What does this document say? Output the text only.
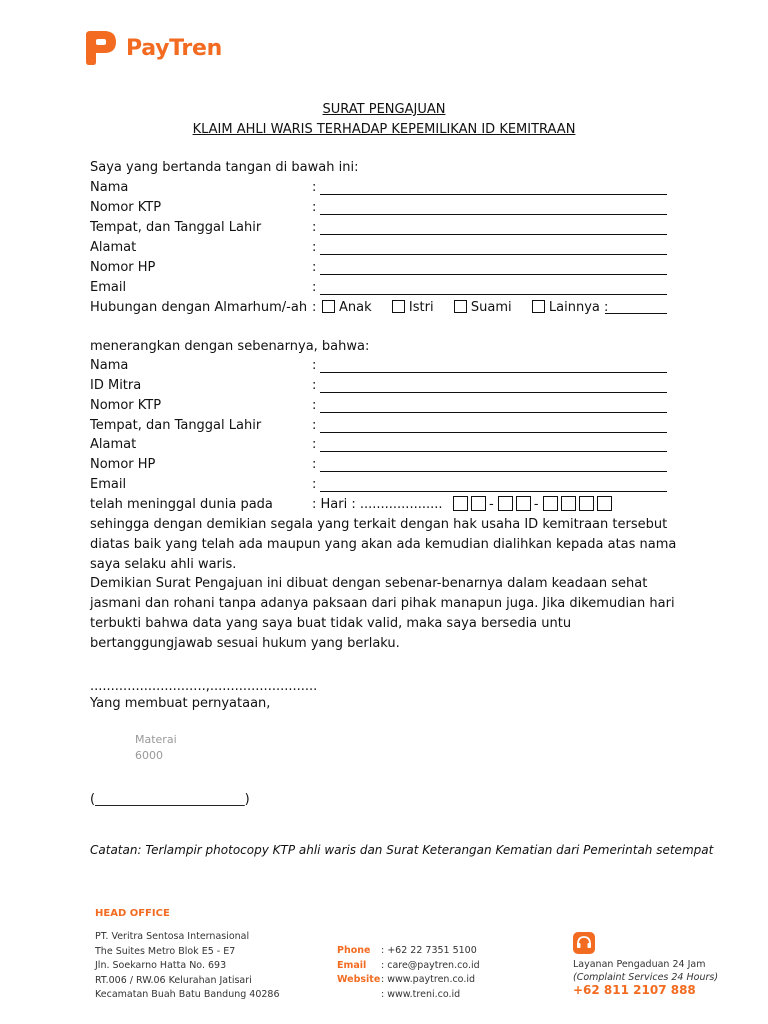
PayTren
SURAT PENGAJUAN
KLAIM AHLI WARIS TERHADAP KEPEMILIKAN ID KEMITRAAN
Saya yang bertanda tangan di bawah ini:
Nama	:
Nomor KTP	:
Tempat, dan Tanggal Lahir	:
Alamat	:
Nomor HP	:
Email	:
Hubungan dengan Almarhum/-ah :	Anak	Istri	Suami	Lainnya :
menerangkan dengan sebenarnya, bahwa:
Nama	:
ID Mitra	:
Nomor KTP	:
Tempat, dan Tanggal Lahir	:
Alamat	:
Nomor HP	:
Email	:
telah meninggal dunia pada	: Hari : ....................	-	-
sehingga dengan demikian segala yang terkait dengan hak usaha ID kemitraan tersebut diatas baik yang telah ada maupun yang akan ada kemudian dialihkan kepada atas nama saya selaku ahli waris.
Demikian Surat Pengajuan ini dibuat dengan sebenar-benarnya dalam keadaan sehat jasmani dan rohani tanpa adanya paksaan dari pihak manapun juga. Jika dikemudian hari terbukti bahwa data yang saya buat tidak valid, maka saya bersedia untu bertanggungjawab sesuai hukum yang berlaku.
............................,..........................
Yang membuat pernyataan,
Materai
6000
(_______________________)
Catatan: Terlampir photocopy KTP ahli waris dan Surat Keterangan Kematian dari Pemerintah setempat
HEAD OFFICE
PT. Veritra Sentosa Internasional
The Suites Metro Blok E5 - E7
Jln. Soekarno Hatta No. 693
RT.006 / RW.06 Kelurahan Jatisari
Kecamatan Buah Batu Bandung 40286
Phone : +62 22 7351 5100
Email : care@paytren.co.id
Website: www.paytren.co.id
: www.treni.co.id
Layanan Pengaduan 24 Jam
(Complaint Services 24 Hours)
+62 811 2107 888
